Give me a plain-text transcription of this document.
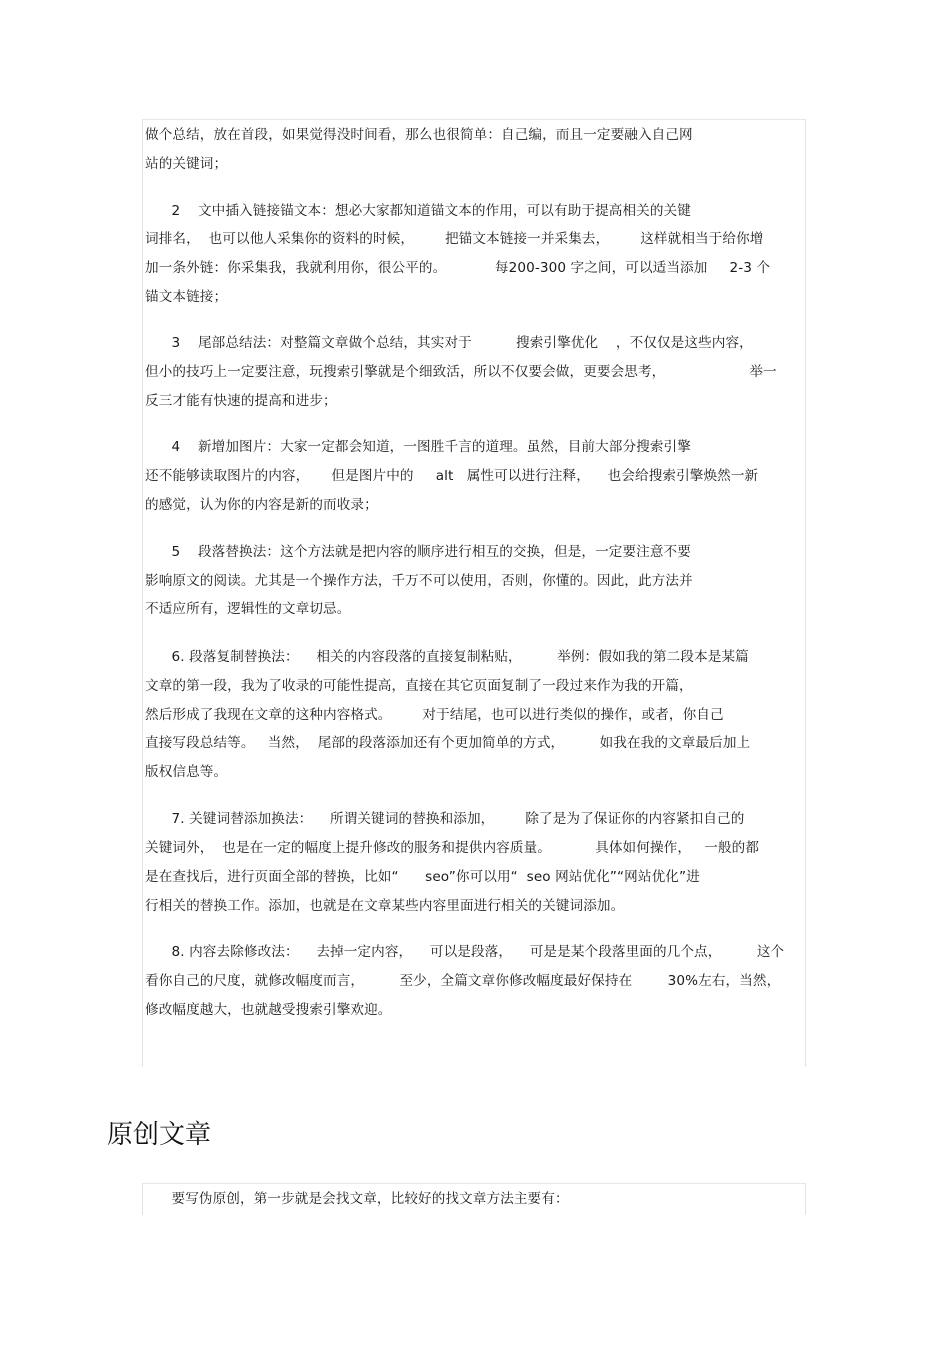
做个总结，放在首段，如果觉得没时间看，那么也很简单：自己编，而且一定要融入自己网
站的关键词；
2    文中插入链接锚文本：想必大家都知道锚文本的作用，可以有助于提高相关的关键
词排名，  也可以他人采集你的资料的时候，       把锚文本链接一并采集去，       这样就相当于给你增
加一条外链：你采集我，我就利用你，很公平的。           每200-300 字之间，可以适当添加     2-3 个
锚文本链接；
3    尾部总结法：对整篇文章做个总结，其实对于          搜索引擎优化    ，不仅仅是这些内容，
但小的技巧上一定要注意，玩搜索引擎就是个细致活，所以不仅要会做，更要会思考，                   举一
反三才能有快速的提高和进步；
4    新增加图片：大家一定都会知道，一图胜千言的道理。虽然，目前大部分搜索引擎
还不能够读取图片的内容，     但是图片中的     alt   属性可以进行注释，    也会给搜索引擎焕然一新
的感觉，认为你的内容是新的而收录；
5    段落替换法：这个方法就是把内容的顺序进行相互的交换，但是，一定要注意不要
影响原文的阅读。尤其是一个操作方法，千万不可以使用，否则，你懂的。因此，此方法并
不适应所有，逻辑性的文章切忌。
6. 段落复制替换法：    相关的内容段落的直接复制粘贴，        举例：假如我的第二段本是某篇
文章的第一段，我为了收录的可能性提高，直接在其它页面复制了一段过来作为我的开篇，
然后形成了我现在文章的这种内容格式。       对于结尾，也可以进行类似的操作，或者，你自己
直接写段总结等。   当然，  尾部的段落添加还有个更加简单的方式，        如我在我的文章最后加上
版权信息等。
7. 关键词替添加换法：    所谓关键词的替换和添加，       除了是为了保证你的内容紧扣自己的
关键词外，  也是在一定的幅度上提升修改的服务和提供内容质量。          具体如何操作，   一般的都
是在查找后，进行页面全部的替换，比如“      seo”你可以用“  seo 网站优化”“网站优化”进
行相关的替换工作。添加，也就是在文章某些内容里面进行相关的关键词添加。
8. 内容去除修改法：    去掉一定内容，    可以是段落，    可是是某个段落里面的几个点，        这个
看你自己的尺度，就修改幅度而言，        至少，全篇文章你修改幅度最好保持在        30%左右，当然，
修改幅度越大，也就越受搜索引擎欢迎。
原创文章
要写伪原创，第一步就是会找文章，比较好的找文章方法主要有：
